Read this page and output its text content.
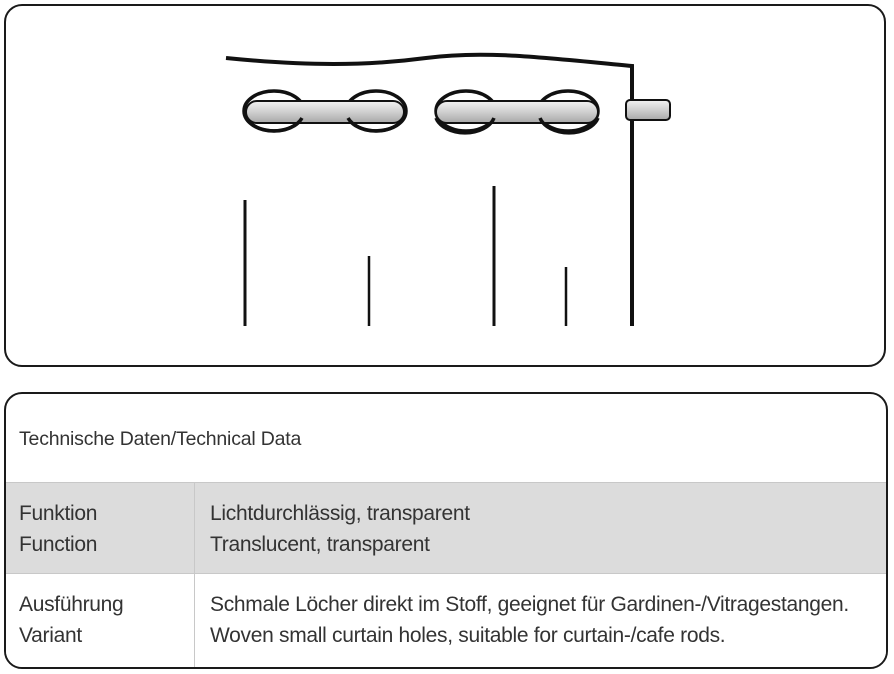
Technische Daten/Technical Data
Funktion
Function
Lichtdurchlässig, transparent
Translucent, transparent
Ausführung
Variant
Schmale Löcher direkt im Stoff, geeignet für Gardinen-/Vitragestangen.
Woven small curtain holes, suitable for curtain-/cafe rods.
